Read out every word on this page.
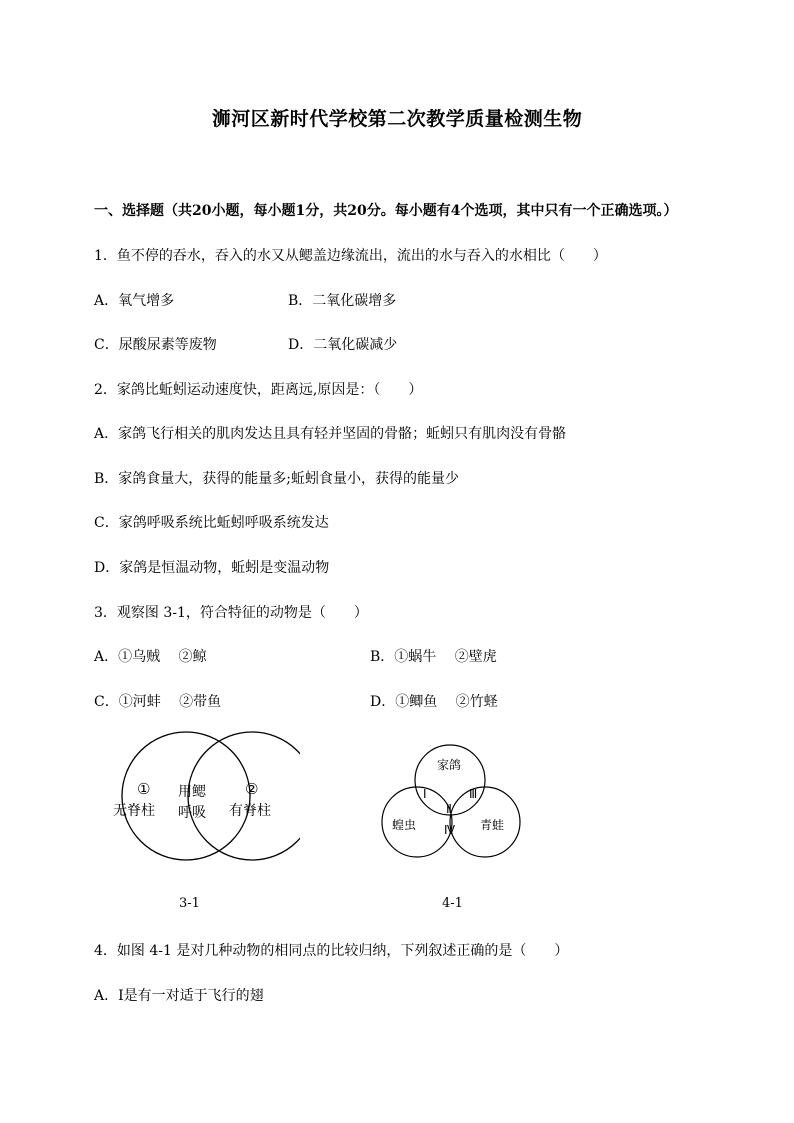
浉河区新时代学校第二次教学质量检测生物
一、选择题（共20小题，每小题1分，共20分。每小题有4个选项，其中只有一个正确选项。）
1．鱼不停的吞水，吞入的水又从鳃盖边缘流出，流出的水与吞入的水相比（　　）
A．氧气增多	B．二氧化碳增多
C．尿酸尿素等废物	D．二氧化碳减少
2．家鸽比蚯蚓运动速度快，距离远,原因是：（　　）
A．家鸽飞行相关的肌肉发达且具有轻并坚固的骨骼；蚯蚓只有肌肉没有骨骼
B．家鸽食量大，获得的能量多;蚯蚓食量小，获得的能量少
C．家鸽呼吸系统比蚯蚓呼吸系统发达
D．家鸽是恒温动物，蚯蚓是变温动物
3．观察图 3-1，符合特征的动物是（　　）
A．①乌贼　 ②鲸	B．①蜗牛　 ②壁虎
C．①河蚌　 ②带鱼	D．①鲫鱼　 ②竹蛏
①
无脊柱
用鳃
呼吸
②
有脊柱
3-1
家鸽
蝗虫	青蛙
Ⅰ
Ⅱ
Ⅲ
Ⅳ
4-1
4．如图 4-1 是对几种动物的相同点的比较归纳，下列叙述正确的是（　　）
A．Ⅰ是有一对适于飞行的翅
